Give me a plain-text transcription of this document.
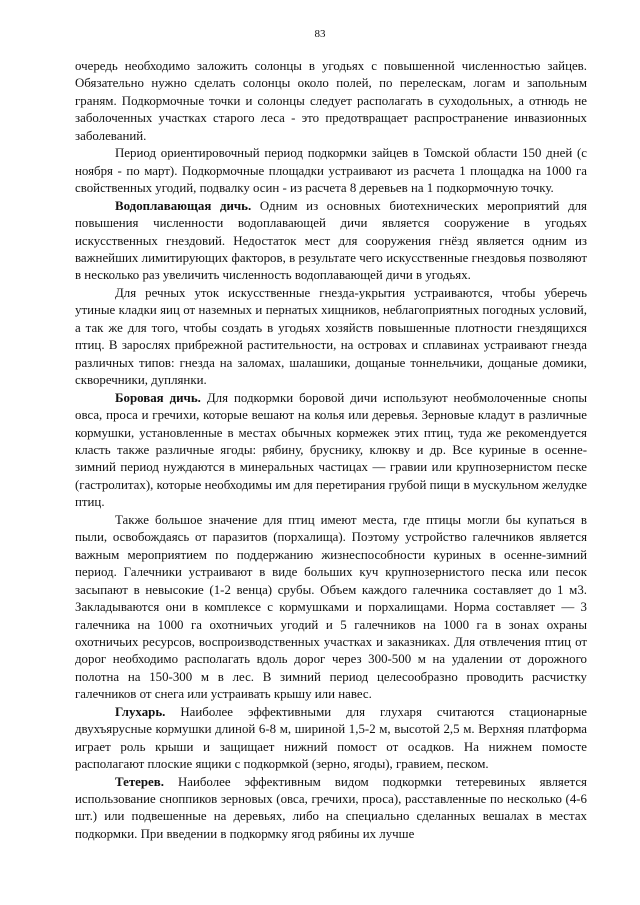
83

очередь необходимо заложить солонцы в угодьях с повышенной численностью зайцев. Обязательно нужно сделать солонцы около полей, по перелескам, логам и запольным граням. Подкормочные точки и солонцы следует располагать в суходольных, а отнюдь не заболоченных участках старого леса - это предотвращает распространение инвазионных заболеваний.

Период ориентировочный период подкормки зайцев в Томской области 150 дней (с ноября - по март). Подкормочные площадки устраивают из расчета 1 площадка на 1000 га свойственных угодий, подвалку осин - из расчета 8 деревьев на 1 подкормочную точку.

Водоплавающая дичь. Одним из основных биотехнических мероприятий для повышения численности водоплавающей дичи является сооружение в угодьях искусственных гнездовий. Недостаток мест для сооружения гнёзд является одним из важнейших лимитирующих факторов, в результате чего искусственные гнездовья позволяют в несколько раз увеличить численность водоплавающей дичи в угодьях.

Для речных уток искусственные гнезда-укрытия устраиваются, чтобы уберечь утиные кладки яиц от наземных и пернатых хищников, неблагоприятных погодных условий, а так же для того, чтобы создать в угодьях хозяйств повышенные плотности гнездящихся птиц. В зарослях прибрежной растительности, на островах и сплавинах устраивают гнезда различных типов: гнезда на заломах, шалашики, дощаные тоннельчики, дощаные домики, скворечники, дуплянки.

Боровая дичь. Для подкормки боровой дичи используют необмолоченные снопы овса, проса и гречихи, которые вешают на колья или деревья. Зерновые кладут в различные кормушки, установленные в местах обычных кормежек этих птиц, туда же рекомендуется класть также различные ягоды: рябину, бруснику, клюкву и др. Все куриные в осенне-зимний период нуждаются в минеральных частицах — гравии или крупнозернистом песке (гастролитах), которые необходимы им для перетирания грубой пищи в мускульном желудке птиц.

Также большое значение для птиц имеют места, где птицы могли бы купаться в пыли, освобождаясь от паразитов (порхалища). Поэтому устройство галечников является важным мероприятием по поддержанию жизнеспособности куриных в осенне-зимний период. Галечники устраивают в виде больших куч крупнозернистого песка или песок засыпают в невысокие (1-2 венца) срубы. Объем каждого галечника составляет до 1 м3. Закладываются они в комплексе с кормушками и порхалищами. Норма составляет — 3 галечника на 1000 га охотничьих угодий и 5 галечников на 1000 га в зонах охраны охотничьих ресурсов, воспроизводственных участках и заказниках. Для отвлечения птиц от дорог необходимо располагать вдоль дорог через 300-500 м на удалении от дорожного полотна на 150-300 м в лес. В зимний период целесообразно проводить расчистку галечников от снега или устраивать крышу или навес.

Глухарь. Наиболее эффективными для глухаря считаются стационарные двухъярусные кормушки длиной 6-8 м, шириной 1,5-2 м, высотой 2,5 м. Верхняя платформа играет роль крыши и защищает нижний помост от осадков. На нижнем помосте располагают плоские ящики с подкормкой (зерно, ягоды), гравием, песком.

Тетерев. Наиболее эффективным видом подкормки тетеревиных является использование сноппиков зерновых (овса, гречихи, проса), расставленные по несколько (4-6 шт.) или подвешенные на деревьях, либо на специально сделанных вешалах в местах подкормки. При введении в подкормку ягод рябины их лучше
